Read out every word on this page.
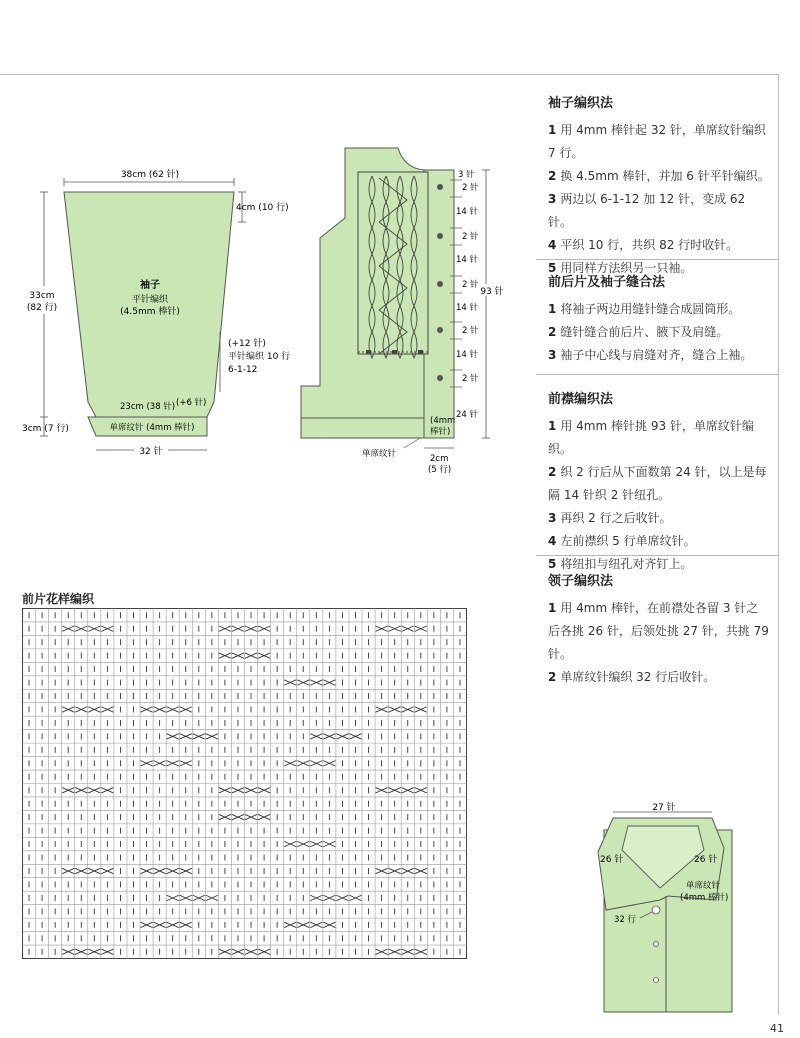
38cm (62 针)
4cm (10 行)
33cm
(82 行)
3cm (7 行)
袖子
平针编织
(4.5mm 棒针)
(+12 针)
平针编织 10 行
6-1-12
23cm (38 针) (+6 针)
单席纹针 (4mm 棒针)
32 针
93 针
3 针
2 针
14 针
2 针
14 针
2 针
14 针
2 针
14 针
2 针
24 针
(4mm
棒针)
单席纹针	2cm
(5 行)
27 针
26 针	26 针
单席纹针
(4mm 棒针)
32 行
袖子编织法
1 用 4mm 棒针起 32 针，单席纹针编织 7 行。
2 换 4.5mm 棒针，并加 6 针平针编织。
3 两边以 6-1-12 加 12 针，变成 62 针。
4 平织 10 行，共织 82 行时收针。
5 用同样方法织另一只袖。
前后片及袖子缝合法
1 将袖子两边用缝针缝合成圆筒形。
2 缝针缝合前后片、腋下及肩缝。
3 袖子中心线与肩缝对齐，缝合上袖。
前襟编织法
1 用 4mm 棒针挑 93 针，单席纹针编织。
2 织 2 行后从下面数第 24 针，以上是每隔 14 针织 2 针纽孔。
3 再织 2 行之后收针。
4 左前襟织 5 行单席纹针。
5 将纽扣与纽孔对齐钉上。
领子编织法
1 用 4mm 棒针，在前襟处各留 3 针之后各挑 26 针，后领处挑 27 针，共挑 79 针。
2 单席纹针编织 32 行后收针。
前片花样编织
41
